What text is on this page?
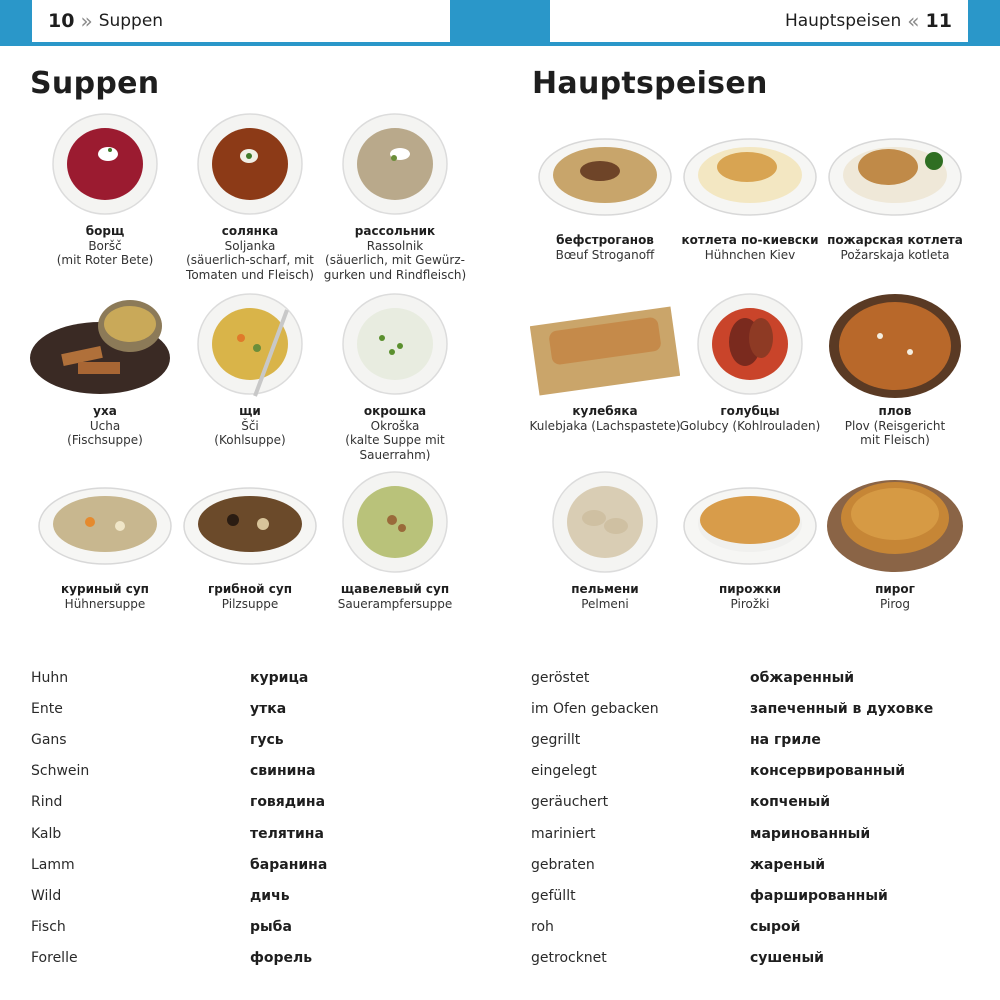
10 » Suppen	Hauptspeisen « 11
Suppen	Hauptspeisen
борщ
Boršč
(mit Roter Bete)
солянка
Soljanka
(säuerlich-scharf, mit
Tomaten und Fleisch)
рассольник
Rassolnik
(säuerlich, mit Gewürz-
gurken und Rindfleisch)
уха
Ucha
(Fischsuppe)
щи
Šči
(Kohlsuppe)
окрошка
Okroška
(kalte Suppe mit
Sauerrahm)
куриный суп
Hühnersuppe
грибной суп
Pilzsuppe
щавелевый суп
Sauerampfersuppe
бефстроганов
Bœuf Stroganoff
котлета по-киевски
Hühnchen Kiev
пожарская котлета
Požarskaja kotleta
кулебяка
Kulebjaka (Lachspastete)
голубцы
Golubcy (Kohlrouladen)
плов
Plov (Reisgericht
mit Fleisch)
пельмени
Pelmeni
пирожки
Pirožki
пирог
Pirog
Huhn	курица
Ente	утка
Gans	гусь
Schwein	свинина
Rind	говядина
Kalb	телятина
Lamm	баранина
Wild	дичь
Fisch	рыба
Forelle	форель
geröstet	обжаренный
im Ofen gebacken	запеченный в духовке
gegrillt	на гриле
eingelegt	консервированный
geräuchert	копченый
mariniert	маринованный
gebraten	жареный
gefüllt	фаршированный
roh	сырой
getrocknet	сушеный
